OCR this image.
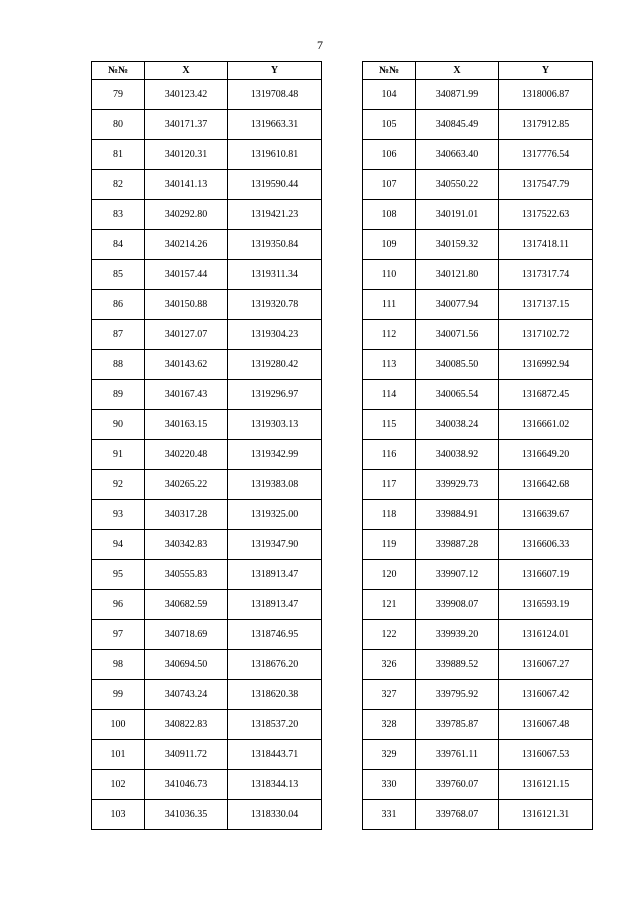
7
№№	X	Y
79	340123.42	1319708.48
80	340171.37	1319663.31
81	340120.31	1319610.81
82	340141.13	1319590.44
83	340292.80	1319421.23
84	340214.26	1319350.84
85	340157.44	1319311.34
86	340150.88	1319320.78
87	340127.07	1319304.23
88	340143.62	1319280.42
89	340167.43	1319296.97
90	340163.15	1319303.13
91	340220.48	1319342.99
92	340265.22	1319383.08
93	340317.28	1319325.00
94	340342.83	1319347.90
95	340555.83	1318913.47
96	340682.59	1318913.47
97	340718.69	1318746.95
98	340694.50	1318676.20
99	340743.24	1318620.38
100	340822.83	1318537.20
101	340911.72	1318443.71
102	341046.73	1318344.13
103	341036.35	1318330.04
№№	X	Y
104	340871.99	1318006.87
105	340845.49	1317912.85
106	340663.40	1317776.54
107	340550.22	1317547.79
108	340191.01	1317522.63
109	340159.32	1317418.11
110	340121.80	1317317.74
111	340077.94	1317137.15
112	340071.56	1317102.72
113	340085.50	1316992.94
114	340065.54	1316872.45
115	340038.24	1316661.02
116	340038.92	1316649.20
117	339929.73	1316642.68
118	339884.91	1316639.67
119	339887.28	1316606.33
120	339907.12	1316607.19
121	339908.07	1316593.19
122	339939.20	1316124.01
326	339889.52	1316067.27
327	339795.92	1316067.42
328	339785.87	1316067.48
329	339761.11	1316067.53
330	339760.07	1316121.15
331	339768.07	1316121.31
